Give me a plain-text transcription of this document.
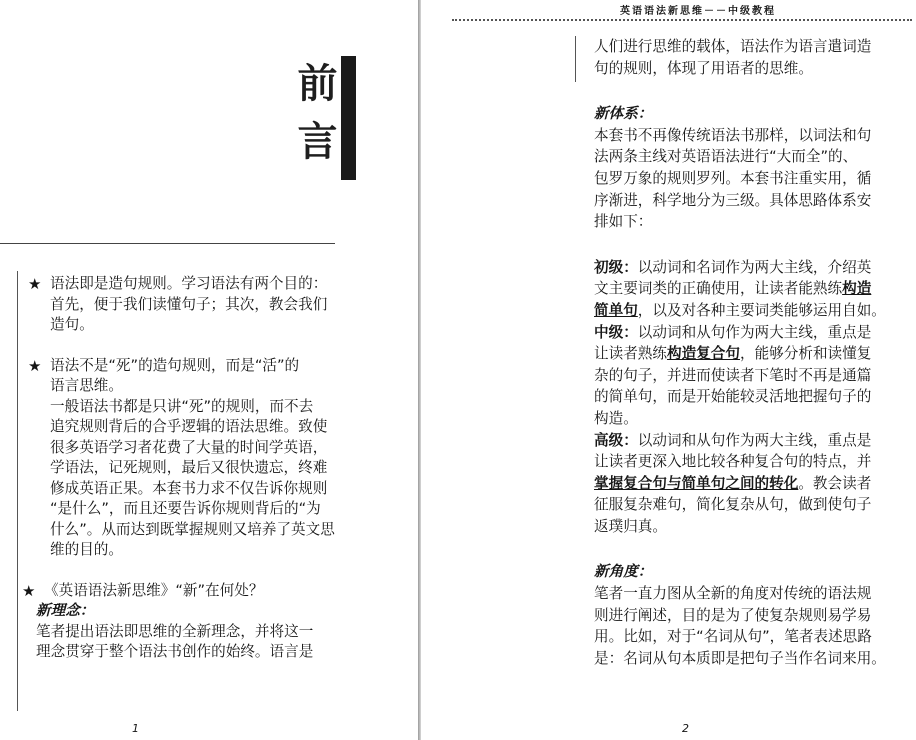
前言
★ 语法即是造句规则。学习语法有两个目的：
首先，便于我们读懂句子；其次，教会我们
造句。
★ 语法不是“死”的造句规则，而是“活”的
语言思维。
一般语法书都是只讲“死”的规则，而不去
追究规则背后的合乎逻辑的语法思维。致使
很多英语学习者花费了大量的时间学英语，
学语法，记死规则，最后又很快遗忘，终难
修成英语正果。本套书力求不仅告诉你规则
“是什么”，而且还要告诉你规则背后的“为
什么”。从而达到既掌握规则又培养了英文思
维的目的。
★ 《英语语法新思维》“新”在何处？
新理念：
笔者提出语法即思维的全新理念，并将这一
理念贯穿于整个语法书创作的始终。语言是
1
英语语法新思维－－中级教程
人们进行思维的载体，语法作为语言遣词造
句的规则，体现了用语者的思维。
新体系：
本套书不再像传统语法书那样，以词法和句
法两条主线对英语语法进行“大而全”的、
包罗万象的规则罗列。本套书注重实用，循
序渐进，科学地分为三级。具体思路体系安
排如下：
初级：以动词和名词作为两大主线，介绍英
文主要词类的正确使用，让读者能熟练构造
简单句，以及对各种主要词类能够运用自如。
中级：以动词和从句作为两大主线，重点是
让读者熟练构造复合句，能够分析和读懂复
杂的句子，并进而使读者下笔时不再是通篇
的简单句，而是开始能较灵活地把握句子的
构造。
高级：以动词和从句作为两大主线，重点是
让读者更深入地比较各种复合句的特点，并
掌握复合句与简单句之间的转化。教会读者
征服复杂难句，简化复杂从句，做到使句子
返璞归真。
新角度：
笔者一直力图从全新的角度对传统的语法规
则进行阐述，目的是为了使复杂规则易学易
用。比如，对于“名词从句”，笔者表述思路
是：名词从句本质即是把句子当作名词来用。
2
